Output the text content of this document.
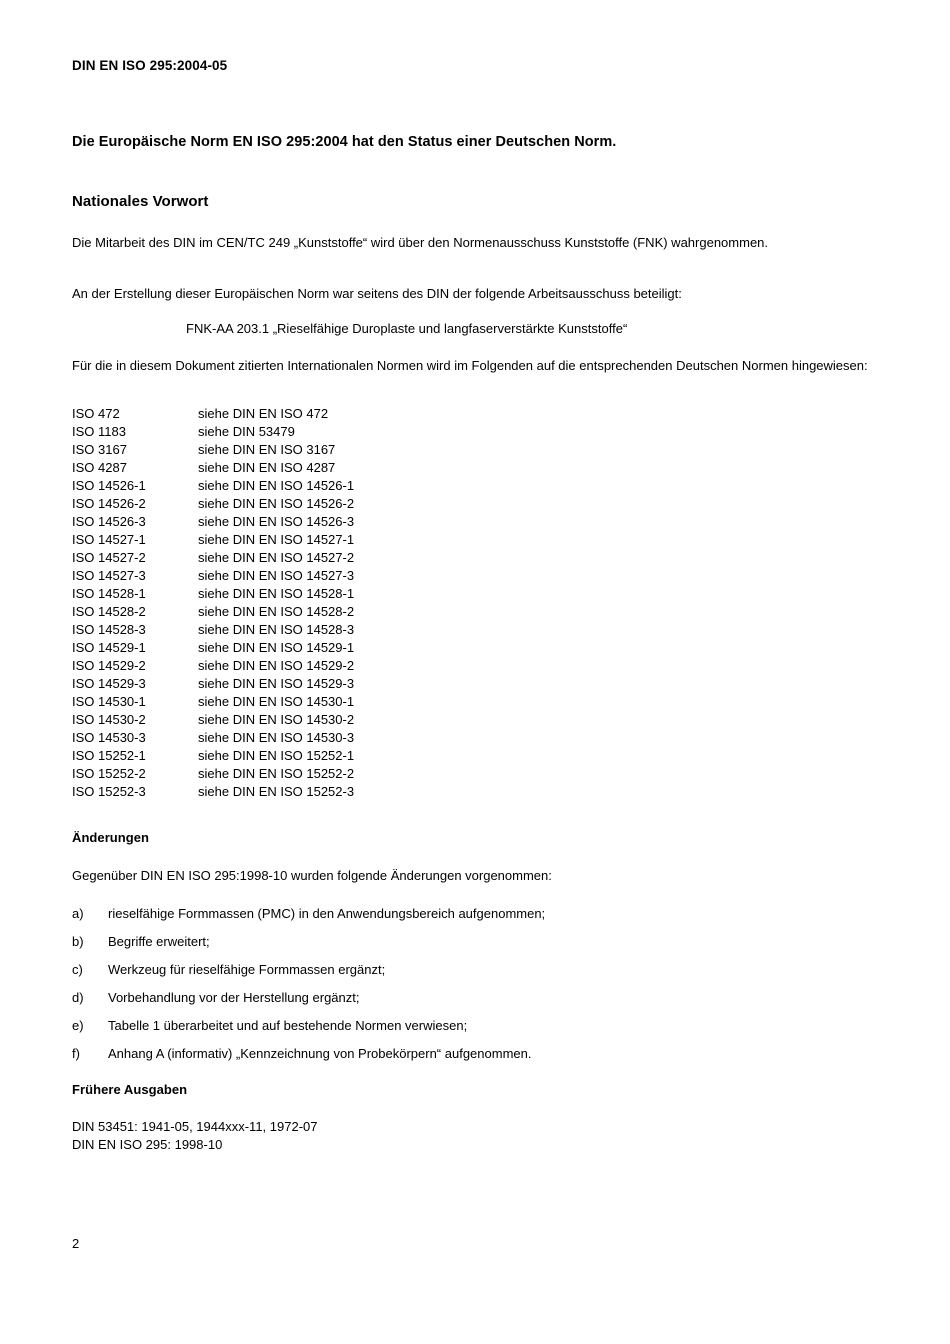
DIN EN ISO 295:2004-05
Die Europäische Norm EN ISO 295:2004 hat den Status einer Deutschen Norm.
Nationales Vorwort
Die Mitarbeit des DIN im CEN/TC 249 „Kunststoffe“ wird über den Normenausschuss Kunststoffe (FNK) wahrgenommen.
An der Erstellung dieser Europäischen Norm war seitens des DIN der folgende Arbeitsausschuss beteiligt:
FNK-AA 203.1 „Rieselfähige Duroplaste und langfaserverstärkte Kunststoffe“
Für die in diesem Dokument zitierten Internationalen Normen wird im Folgenden auf die entsprechenden Deutschen Normen hingewiesen:
ISO 472	siehe DIN EN ISO 472
ISO 1183	siehe DIN 53479
ISO 3167	siehe DIN EN ISO 3167
ISO 4287	siehe DIN EN ISO 4287
ISO 14526-1	siehe DIN EN ISO 14526-1
ISO 14526-2	siehe DIN EN ISO 14526-2
ISO 14526-3	siehe DIN EN ISO 14526-3
ISO 14527-1	siehe DIN EN ISO 14527-1
ISO 14527-2	siehe DIN EN ISO 14527-2
ISO 14527-3	siehe DIN EN ISO 14527-3
ISO 14528-1	siehe DIN EN ISO 14528-1
ISO 14528-2	siehe DIN EN ISO 14528-2
ISO 14528-3	siehe DIN EN ISO 14528-3
ISO 14529-1	siehe DIN EN ISO 14529-1
ISO 14529-2	siehe DIN EN ISO 14529-2
ISO 14529-3	siehe DIN EN ISO 14529-3
ISO 14530-1	siehe DIN EN ISO 14530-1
ISO 14530-2	siehe DIN EN ISO 14530-2
ISO 14530-3	siehe DIN EN ISO 14530-3
ISO 15252-1	siehe DIN EN ISO 15252-1
ISO 15252-2	siehe DIN EN ISO 15252-2
ISO 15252-3	siehe DIN EN ISO 15252-3
Änderungen
Gegenüber DIN EN ISO 295:1998-10 wurden folgende Änderungen vorgenommen:
a)	rieselfähige Formmassen (PMC) in den Anwendungsbereich aufgenommen;
b)	Begriffe erweitert;
c)	Werkzeug für rieselfähige Formmassen ergänzt;
d)	Vorbehandlung vor der Herstellung ergänzt;
e)	Tabelle 1 überarbeitet und auf bestehende Normen verwiesen;
f)	Anhang A (informativ) „Kennzeichnung von Probekörpern“ aufgenommen.
Frühere Ausgaben
DIN 53451: 1941-05, 1944xxx-11, 1972-07
DIN EN ISO 295: 1998-10
2
